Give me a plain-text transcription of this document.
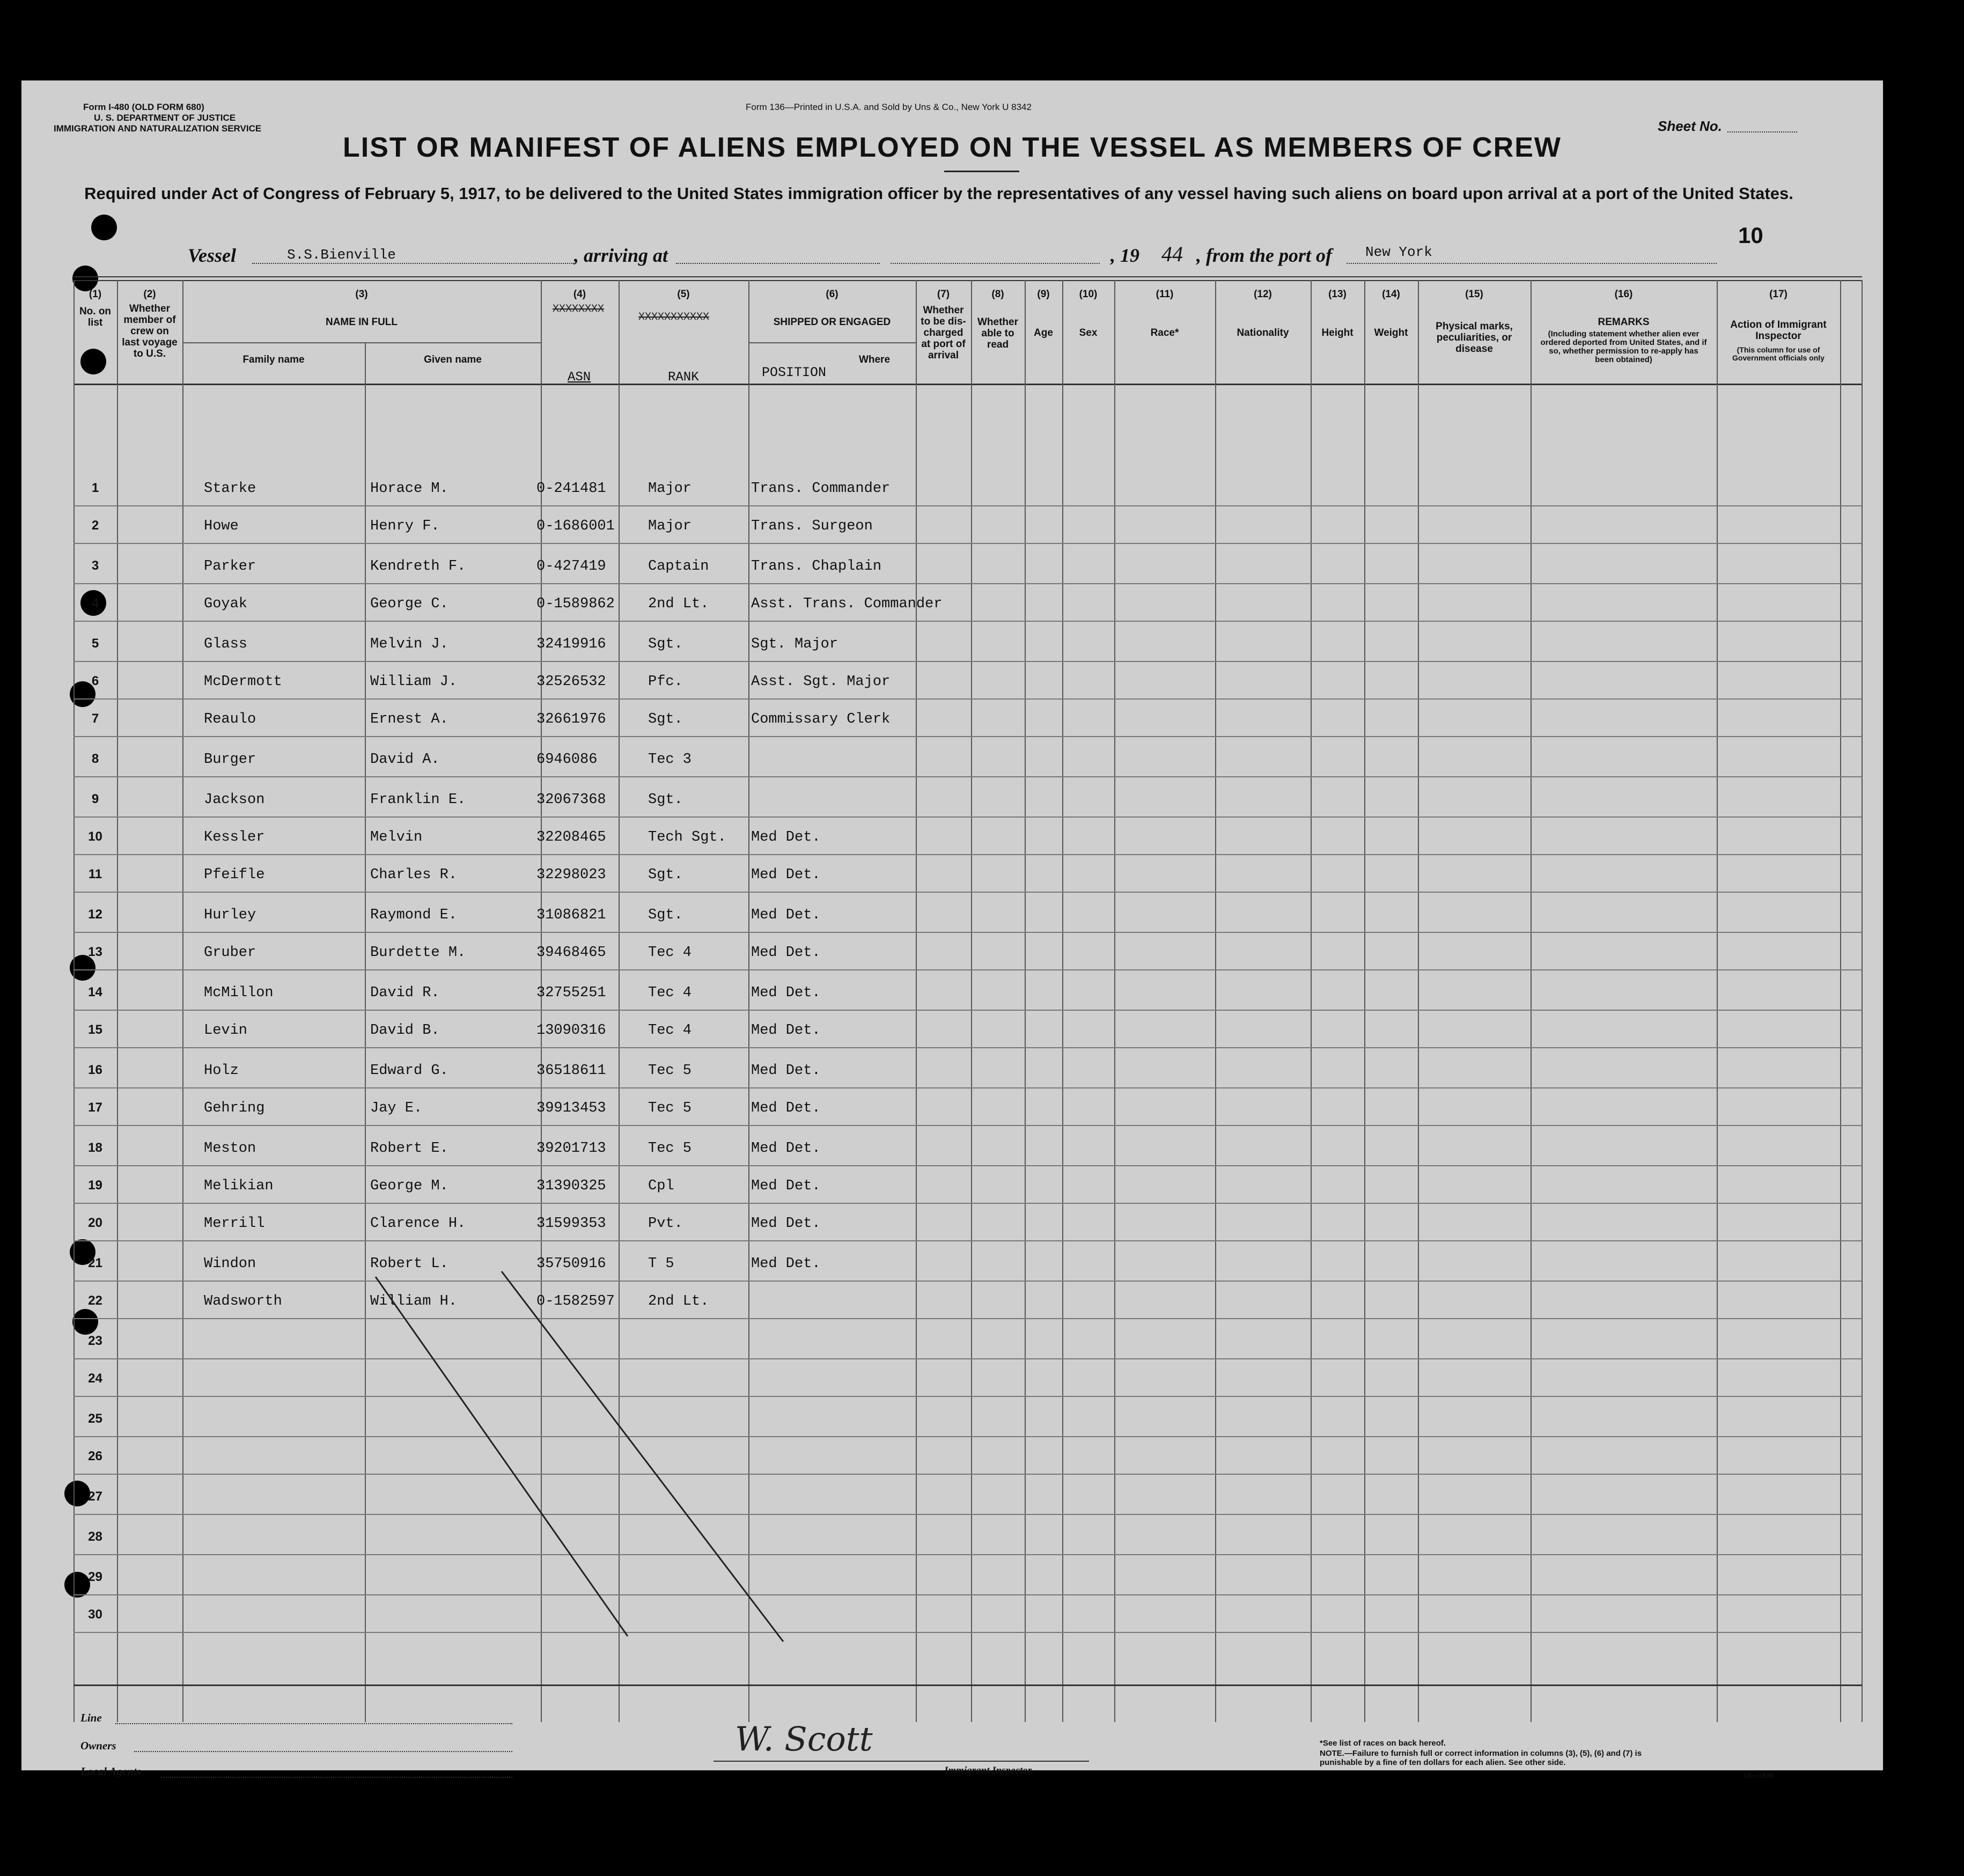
Form I-480 (OLD FORM 680)
U. S. DEPARTMENT OF JUSTICE
IMMIGRATION AND NATURALIZATION SERVICE
Form 136—Printed in U.S.A. and Sold by Uns & Co., New York U 8342
Sheet No.
LIST OR MANIFEST OF ALIENS EMPLOYED ON THE VESSEL AS MEMBERS OF CREW
Required under Act of Congress of February 5, 1917, to be delivered to the United States immigration officer by the representatives of any vessel having such aliens on board upon arrival at a port of the United States.
10
Vessel	S.S.Bienville	, arriving at	, 19 44 , from the port of New York
(1)
No. on list
(2)
Whether member of crew on last voyage to U.S.
(3)
NAME IN FULL
Family name	Given name
(4)
XXXXXXXX
ASN
(5)
XXXXXXXXXXX
RANK
(6)
SHIPPED OR ENGAGED
POSITION
Where
(7)
Whether to be dis-charged at port of arrival
(8)
Whether able to read
(9)
Age
(10)
Sex
(11)
Race*
(12)
Nationality
(13)
Height
(14)
Weight
(15)
Physical marks, peculiarities, or disease
(16)
REMARKS
(Including statement whether alien ever ordered deported from United States, and if so, whether permission to re-apply has been obtained)
(17)
Action of Immigrant Inspector
(This column for use of Government officials only
1	Starke	Horace M.	0-241481	Major	Trans. Commander
2	Howe	Henry F.	0-1686001 Major	Trans. Surgeon
3	Parker	Kendreth F.	0-427419	Captain	Trans. Chaplain
4	Goyak	George C.	0-1589862 2nd Lt.	Asst. Trans. Commander
5	Glass	Melvin J.	32419916	Sgt.	Sgt. Major
6	McDermott	William J.	32526532	Pfc.	Asst. Sgt. Major
7	Reaulo	Ernest A.	32661976	Sgt.	Commissary Clerk
8	Burger	David A.	6946086	Tec 3
9	Jackson	Franklin E.	32067368	Sgt.
10	Kessler	Melvin	32208465	Tech Sgt. Med Det.
11	Pfeifle	Charles R.	32298023	Sgt.	Med Det.
12	Hurley	Raymond E.	31086821	Sgt.	Med Det.
13	Gruber	Burdette M.	39468465	Tec 4	Med Det.
14	McMillon	David R.	32755251	Tec 4	Med Det.
15	Levin	David B.	13090316	Tec 4	Med Det.
16	Holz	Edward G.	36518611	Tec 5	Med Det.
17	Gehring	Jay E.	39913453	Tec 5	Med Det.
18	Meston	Robert E.	39201713	Tec 5	Med Det.
19	Melikian	George M.	31390325	Cpl	Med Det.
20	Merrill	Clarence H.	31599353	Pvt.	Med Det.
21	Windon	Robert L.	35750916	T 5	Med Det.
22	Wadsworth	William H.	0-1582597 2nd Lt.
23
24
25
26
27
28
29
30
Line
Owners
Local Agents
W. Scott
Immigrant Inspector.
*See list of races on back hereof.
NOTE.—Failure to furnish full or correct information in columns (3), (5), (6) and (7) is punishable by a fine of ten dollars for each alien. See other side.
16—1939
